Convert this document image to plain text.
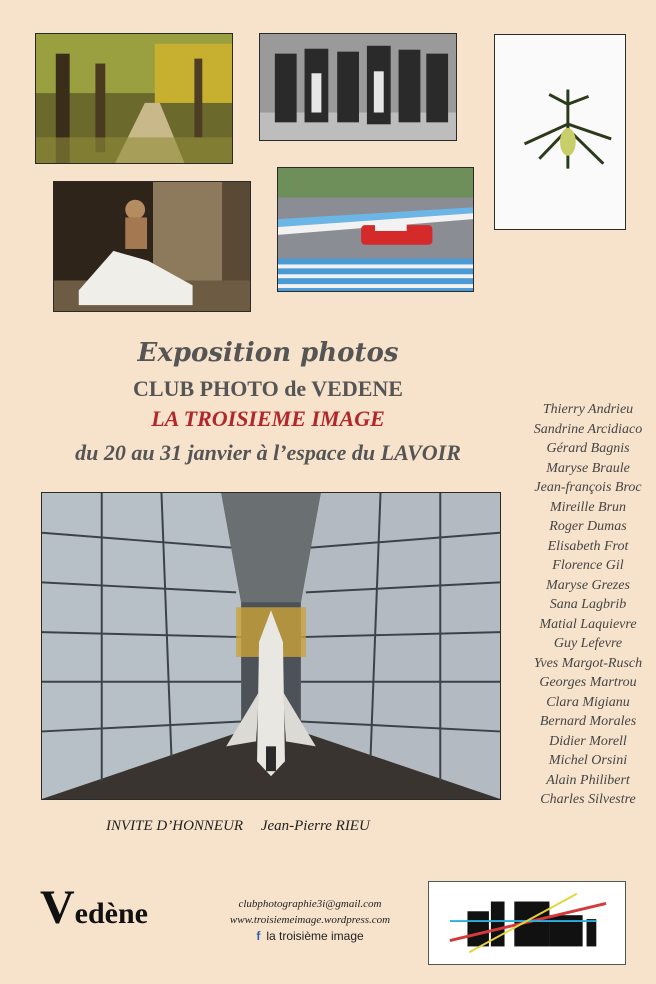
Exposition photos
CLUB PHOTO de VEDENE
LA TROISIEME IMAGE
du 20 au 31 janvier à l’espace du LAVOIR
Thierry Andrieu
Sandrine Arcidiaco
Gérard Bagnis
Maryse Braule
Jean-françois Broc
Mireille Brun
Roger Dumas
Elisabeth Frot
Florence Gil
Maryse Grezes
Sana Lagbrib
Matial Laquievre
Guy Lefevre
Yves Margot-Rusch
Georges Martrou
Clara Migianu
Bernard Morales
Didier Morell
Michel Orsini
Alain Philibert
Charles Silvestre
INVITE D’HONNEUR Jean-Pierre RIEU
Vedène	clubphotographie3i@gmail.com
www.troisiemeimage.wordpress.com
f la troisième image
